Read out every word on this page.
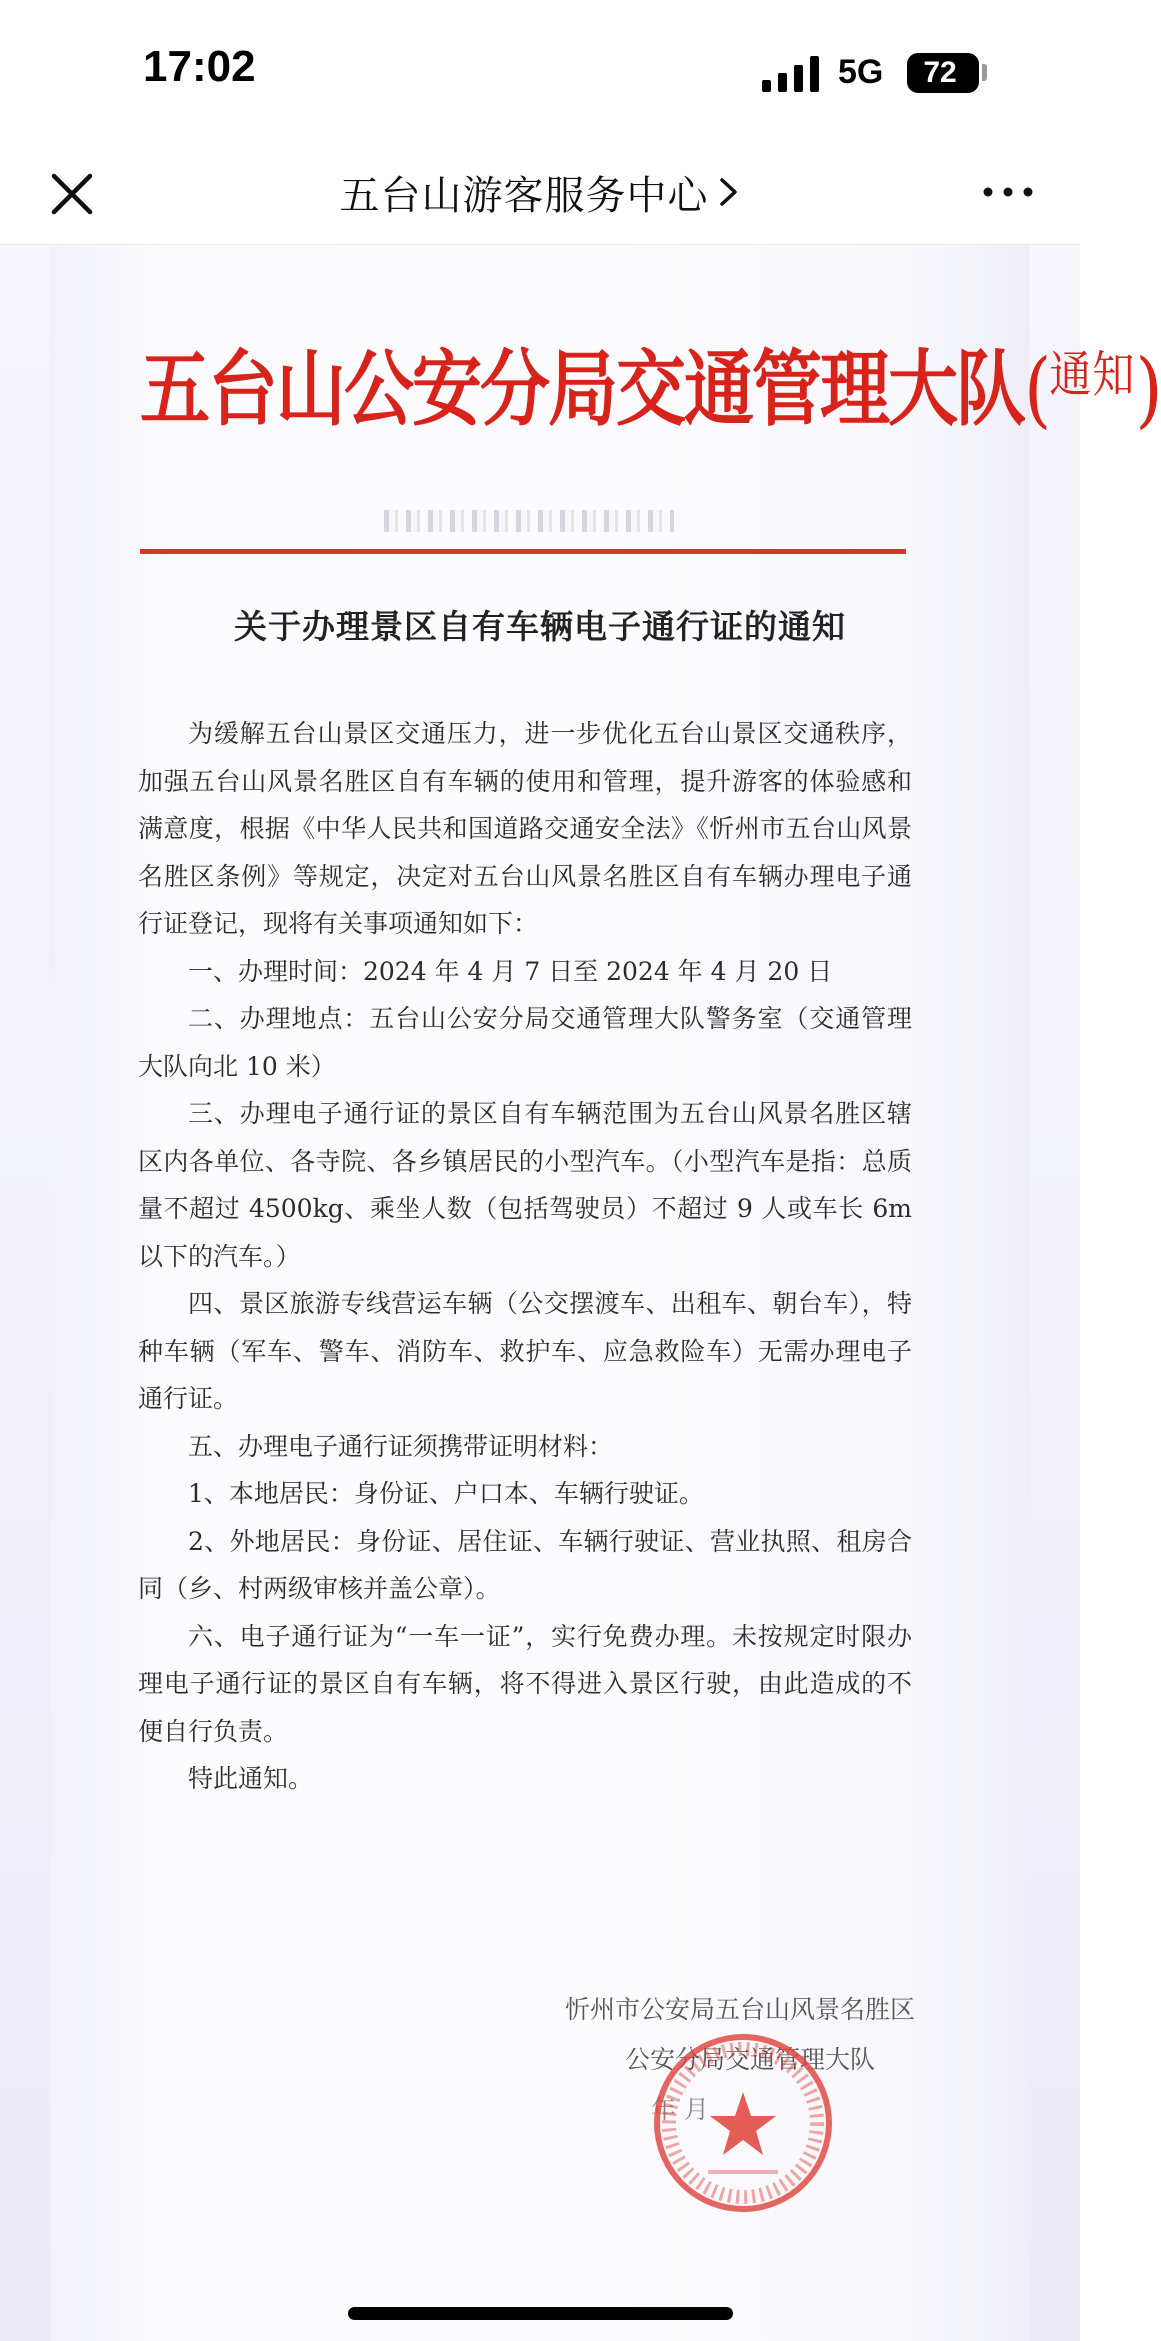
17:02	5G	72
五台山游客服务中心
五台山公安分局交通管理大队($^{通知}$)
关于办理景区自有车辆电子通行证的通知

为缓解五台山景区交通压力，进一步优化五台山景区交通秩序，加强五台山风景名胜区自有车辆的使用和管理，提升游客的体验感和满意度，根据《中华人民共和国道路交通安全法》《忻州市五台山风景名胜区条例》等规定，决定对五台山风景名胜区自有车辆办理电子通行证登记，现将有关事项通知如下：

一、办理时间：2024 年 4 月 7 日至 2024 年 4 月 20 日

二、办理地点：五台山公安分局交通管理大队警务室（交通管理大队向北 10 米）

三、办理电子通行证的景区自有车辆范围为五台山风景名胜区辖区内各单位、各寺院、各乡镇居民的小型汽车。（小型汽车是指：总质量不超过 4500kg、乘坐人数（包括驾驶员）不超过 9 人或车长 6m 以下的汽车。）

四、景区旅游专线营运车辆（公交摆渡车、出租车、朝台车），特种车辆（军车、警车、消防车、救护车、应急救险车）无需办理电子通行证。

五、办理电子通行证须携带证明材料：

1、本地居民：身份证、户口本、车辆行驶证。

2、外地居民：身份证、居住证、车辆行驶证、营业执照、租房合同（乡、村两级审核并盖公章）。

六、电子通行证为“一车一证”，实行免费办理。未按规定时限办理电子通行证的景区自有车辆，将不得进入景区行驶，由此造成的不便自行负责。

特此通知。

忻州市公安局五台山风景名胜区
公安分局交通管理大队
年 月
